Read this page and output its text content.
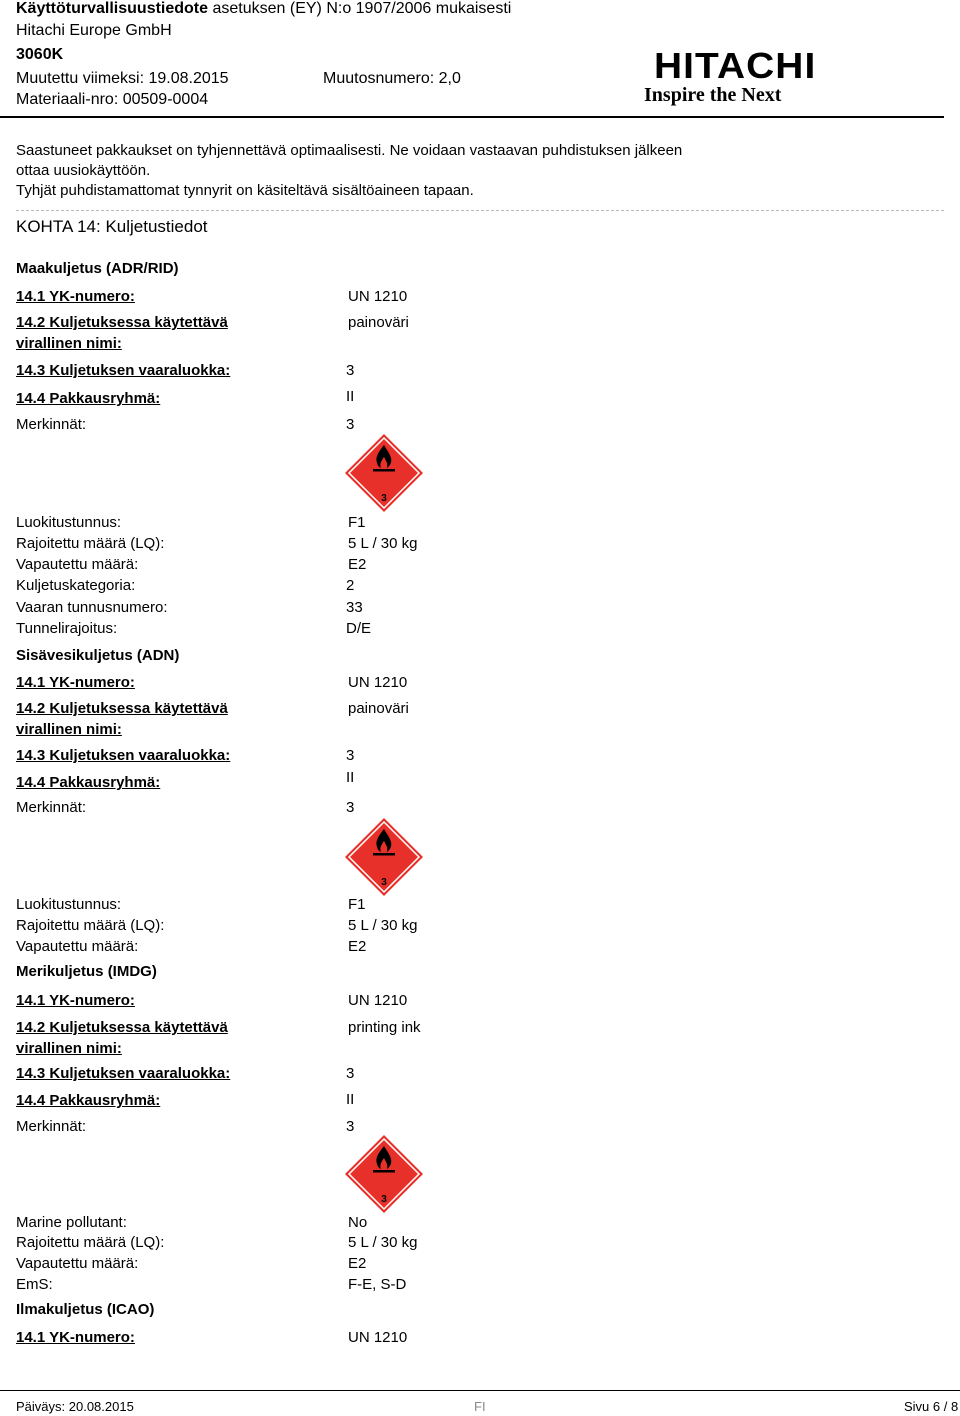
Käyttöturvallisuustiedote asetuksen (EY) N:o 1907/2006 mukaisesti
Hitachi Europe GmbH
3060K
Muutettu viimeksi: 19.08.2015	Muutosnumero: 2,0
Materiaali-nro: 00509-0004
HITACHI
Inspire the Next
Saastuneet pakkaukset on tyhjennettävä optimaalisesti. Ne voidaan vastaavan puhdistuksen jälkeen
ottaa uusiokäyttöön.
Tyhjät puhdistamattomat tynnyrit on käsiteltävä sisältöaineen tapaan.
KOHTA 14: Kuljetustiedot
Maakuljetus (ADR/RID)
14.1 YK-numero:	UN 1210
14.2 Kuljetuksessa käytettävä
virallinen nimi:
painoväri
14.3 Kuljetuksen vaaraluokka:	3
14.4 Pakkausryhmä:	II
Merkinnät:	3
3
Luokitustunnus:	F1
Rajoitettu määrä (LQ):	5 L / 30 kg
Vapautettu määrä:	E2
Kuljetuskategoria:	2
Vaaran tunnusnumero:	33
Tunnelirajoitus:	D/E
Sisävesikuljetus (ADN)
14.1 YK-numero:	UN 1210
14.2 Kuljetuksessa käytettävä
virallinen nimi:
painoväri
14.3 Kuljetuksen vaaraluokka:	3
14.4 Pakkausryhmä:	II
Merkinnät:	3
3
Luokitustunnus:	F1
Rajoitettu määrä (LQ):	5 L / 30 kg
Vapautettu määrä:	E2
Merikuljetus (IMDG)
14.1 YK-numero:	UN 1210
14.2 Kuljetuksessa käytettävä
virallinen nimi:
printing ink
14.3 Kuljetuksen vaaraluokka:	3
14.4 Pakkausryhmä:	II
Merkinnät:	3
3
Marine pollutant:	No
Rajoitettu määrä (LQ):	5 L / 30 kg
Vapautettu määrä:	E2
EmS:	F-E, S-D
Ilmakuljetus (ICAO)
14.1 YK-numero:	UN 1210
Päiväys: 20.08.2015	FI	Sivu 6 / 8
